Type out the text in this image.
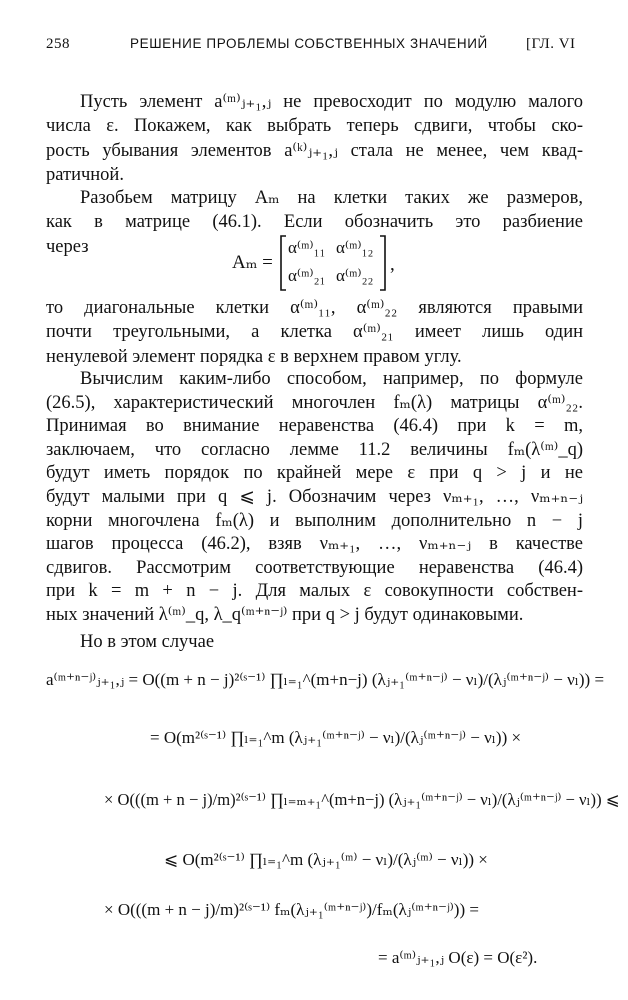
258	РЕШЕНИЕ ПРОБЛЕМЫ СОБСТВЕННЫХ ЗНАЧЕНИЙ	[ГЛ. VI
Пусть элемент a⁽ᵐ⁾ⱼ₊₁,ⱼ не превосходит по модулю малого
числа ε. Покажем, как выбрать теперь сдвиги, чтобы ско-
рость убывания элементов a⁽ᵏ⁾ⱼ₊₁,ⱼ стала не менее, чем квад-
ратичной.
Разобьем матрицу Aₘ на клетки таких же размеров,
как в матрице (46.1). Если обозначить это разбиение
через
Aₘ =
α⁽ᵐ⁾₁₁ α⁽ᵐ⁾₁₂
α⁽ᵐ⁾₂₁ α⁽ᵐ⁾₂₂
,
то диагональные клетки α⁽ᵐ⁾₁₁, α⁽ᵐ⁾₂₂ являются правыми
почти треугольными, а клетка α⁽ᵐ⁾₂₁ имеет лишь один
ненулевой элемент порядка ε в верхнем правом углу.
Вычислим каким-либо способом, например, по формуле
(26.5), характеристический многочлен fₘ(λ) матрицы α⁽ᵐ⁾₂₂.
Принимая во внимание неравенства (46.4) при k = m,
заключаем, что согласно лемме 11.2 величины fₘ(λ⁽ᵐ⁾_q)
будут иметь порядок по крайней мере ε при q > j и не
будут малыми при q ⩽ j. Обозначим через νₘ₊₁, …, νₘ₊ₙ₋ⱼ
корни многочлена fₘ(λ) и выполним дополнительно n − j
шагов процесса (46.2), взяв νₘ₊₁, …, νₘ₊ₙ₋ⱼ в качестве
сдвигов. Рассмотрим соответствующие неравенства (46.4)
при k = m + n − j. Для малых ε совокупности собствен-
ных значений λ⁽ᵐ⁾_q, λ_q⁽ᵐ⁺ⁿ⁻ʲ⁾ при q > j будут одинаковыми.
Но в этом случае
a⁽ᵐ⁺ⁿ⁻ʲ⁾ⱼ₊₁,ⱼ = O((m + n − j)²⁽ˢ⁻¹⁾ ∏ₗ₌₁^(m+n−j) (λⱼ₊₁⁽ᵐ⁺ⁿ⁻ʲ⁾ − νₗ)/(λⱼ⁽ᵐ⁺ⁿ⁻ʲ⁾ − νₗ)) =
= O(m²⁽ˢ⁻¹⁾ ∏ₗ₌₁^m (λⱼ₊₁⁽ᵐ⁺ⁿ⁻ʲ⁾ − νₗ)/(λⱼ⁽ᵐ⁺ⁿ⁻ʲ⁾ − νₗ)) ×
× O(((m + n − j)/m)²⁽ˢ⁻¹⁾ ∏ₗ₌ₘ₊₁^(m+n−j) (λⱼ₊₁⁽ᵐ⁺ⁿ⁻ʲ⁾ − νₗ)/(λⱼ⁽ᵐ⁺ⁿ⁻ʲ⁾ − νₗ)) ⩽
⩽ O(m²⁽ˢ⁻¹⁾ ∏ₗ₌₁^m (λⱼ₊₁⁽ᵐ⁾ − νₗ)/(λⱼ⁽ᵐ⁾ − νₗ)) ×
× O(((m + n − j)/m)²⁽ˢ⁻¹⁾ fₘ(λⱼ₊₁⁽ᵐ⁺ⁿ⁻ʲ⁾)/fₘ(λⱼ⁽ᵐ⁺ⁿ⁻ʲ⁾)) =
= a⁽ᵐ⁾ⱼ₊₁,ⱼ O(ε) = O(ε²).
